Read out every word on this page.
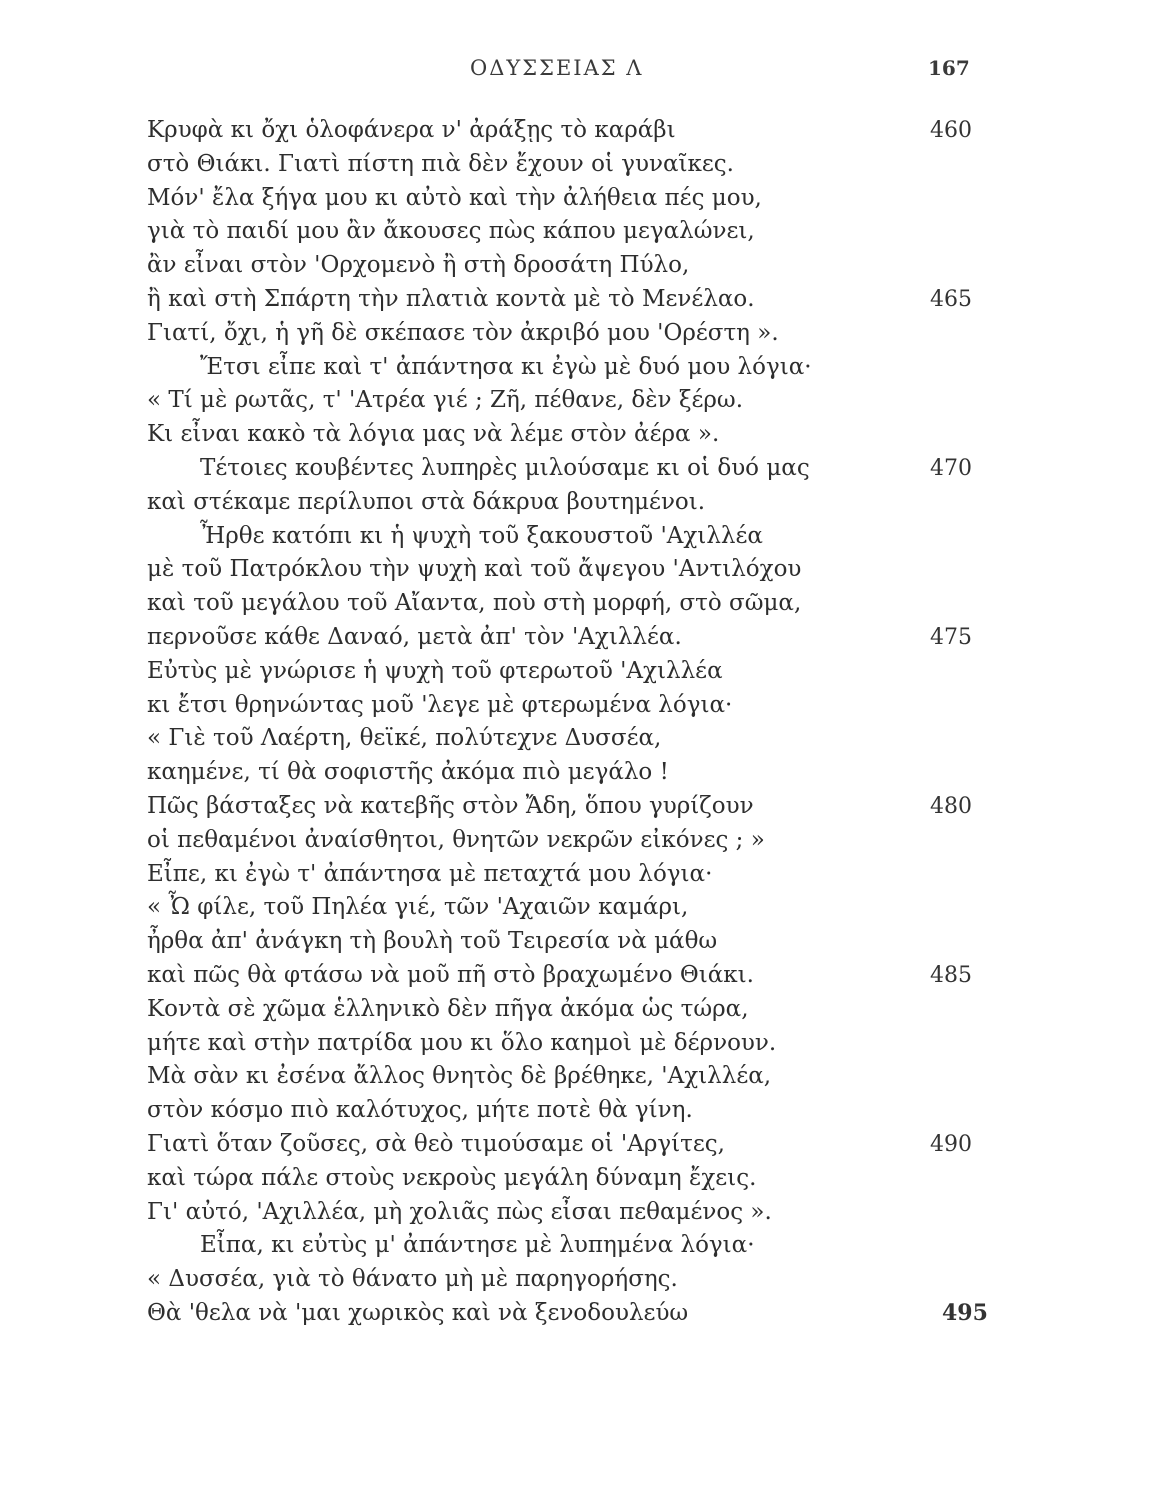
ΟΔΥΣΣΕΙΑΣ Λ	167
Κρυφὰ κι ὄχι ὁλοφάνερα ν' ἀράξῃς τὸ καράβι	460
στὸ Θιάκι. Γιατὶ πίστη πιὰ δὲν ἔχουν οἱ γυναῖκες.
Μόν' ἔλα ξήγα μου κι αὐτὸ καὶ τὴν ἀλήθεια πές μου,
γιὰ τὸ παιδί μου ἂν ἄκουσες πὼς κάπου μεγαλώνει,
ἂν εἶναι στὸν 'Ορχομενὸ ἢ στὴ δροσάτη Πύλο,
ἢ καὶ στὴ Σπάρτη τὴν πλατιὰ κοντὰ μὲ τὸ Μενέλαο.	465
Γιατί, ὄχι, ἡ γῆ δὲ σκέπασε τὸν ἀκριβό μου 'Ορέστη ».
Ἔτσι εἶπε καὶ τ' ἀπάντησα κι ἐγὼ μὲ δυό μου λόγια·
« Τί μὲ ρωτᾶς, τ' 'Ατρέα γιέ ; Ζῆ, πέθανε, δὲν ξέρω.
Κι εἶναι κακὸ τὰ λόγια μας νὰ λέμε στὸν ἀέρα ».
Τέτοιες κουβέντες λυπηρὲς μιλούσαμε κι οἱ δυό μας	470
καὶ στέκαμε περίλυποι στὰ δάκρυα βουτημένοι.
Ἦρθε κατόπι κι ἡ ψυχὴ τοῦ ξακουστοῦ 'Αχιλλέα
μὲ τοῦ Πατρόκλου τὴν ψυχὴ καὶ τοῦ ἄψεγου 'Αντιλόχου
καὶ τοῦ μεγάλου τοῦ Αἴαντα, ποὺ στὴ μορφή, στὸ σῶμα,
περνοῦσε κάθε Δαναό, μετὰ ἀπ' τὸν 'Αχιλλέα.	475
Εὐτὺς μὲ γνώρισε ἡ ψυχὴ τοῦ φτερωτοῦ 'Αχιλλέα
κι ἔτσι θρηνώντας μοῦ 'λεγε μὲ φτερωμένα λόγια·
« Γιὲ τοῦ Λαέρτη, θεϊκέ, πολύτεχνε Δυσσέα,
καημένε, τί θὰ σοφιστῆς ἀκόμα πιὸ μεγάλο !
Πῶς βάσταξες νὰ κατεβῆς στὸν Ἄδη, ὅπου γυρίζουν	480
οἱ πεθαμένοι ἀναίσθητοι, θνητῶν νεκρῶν εἰκόνες ; »
Εἶπε, κι ἐγὼ τ' ἀπάντησα μὲ πεταχτά μου λόγια·
« Ὦ φίλε, τοῦ Πηλέα γιέ, τῶν 'Αχαιῶν καμάρι,
ἦρθα ἀπ' ἀνάγκη τὴ βουλὴ τοῦ Τειρεσία νὰ μάθω
καὶ πῶς θὰ φτάσω νὰ μοῦ πῆ στὸ βραχωμένο Θιάκι.	485
Κοντὰ σὲ χῶμα ἑλληνικὸ δὲν πῆγα ἀκόμα ὡς τώρα,
μήτε καὶ στὴν πατρίδα μου κι ὅλο καημοὶ μὲ δέρνουν.
Μὰ σὰν κι ἐσένα ἄλλος θνητὸς δὲ βρέθηκε, 'Αχιλλέα,
στὸν κόσμο πιὸ καλότυχος, μήτε ποτὲ θὰ γίνη.
Γιατὶ ὅταν ζοῦσες, σὰ θεὸ τιμούσαμε οἱ 'Αργίτες,	490
καὶ τώρα πάλε στοὺς νεκροὺς μεγάλη δύναμη ἔχεις.
Γι' αὐτό, 'Αχιλλέα, μὴ χολιᾶς πὼς εἶσαι πεθαμένος ».
Εἶπα, κι εὐτὺς μ' ἀπάντησε μὲ λυπημένα λόγια·
« Δυσσέα, γιὰ τὸ θάνατο μὴ μὲ παρηγορήσης.
Θὰ 'θελα νὰ 'μαι χωρικὸς καὶ νὰ ξενοδουλεύω	495
